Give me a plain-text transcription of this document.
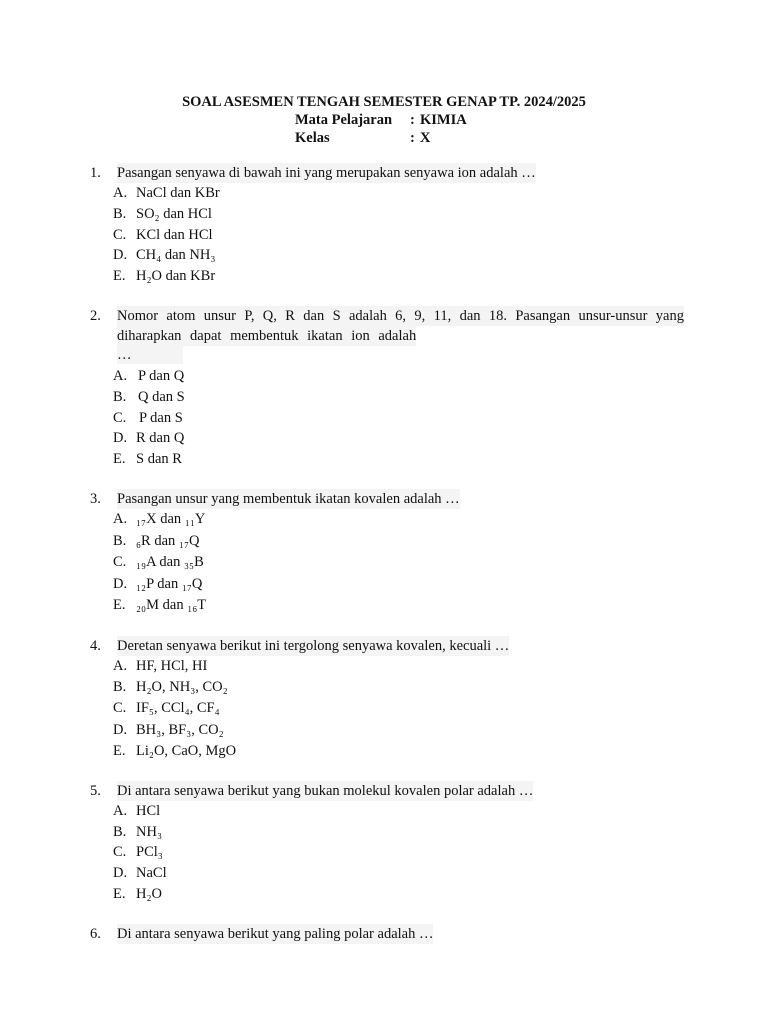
SOAL ASESMEN TENGAH SEMESTER GENAP TP. 2024/2025
Mata Pelajaran : KIMIA
Kelas	: X
1. Pasangan senyawa di bawah ini yang merupakan senyawa ion adalah …
A. NaCl dan KBr
B. SO₂ dan HCl
C. KCl dan HCl
D. CH₄ dan NH₃
E. H₂O dan KBr
2. Nomor atom unsur P, Q, R dan S adalah 6, 9, 11, dan 18. Pasangan unsur-unsur yang
diharapkan dapat membentuk ikatan ion adalah
…
A. P dan Q
B. Q dan S
C. P dan S
D. R dan Q
E. S dan R
3. Pasangan unsur yang membentuk ikatan kovalen adalah …
A. ₁₇X dan ₁₁Y
B. ₆R dan ₁₇Q
C. ₁₉A dan ₃₅B
D. ₁₂P dan ₁₇Q
E. ₂₀M dan ₁₆T
4. Deretan senyawa berikut ini tergolong senyawa kovalen, kecuali …
A. HF, HCl, HI
B. H₂O, NH₃, CO₂
C. IF₅, CCl₄, CF₄
D. BH₃, BF₃, CO₂
E. Li₂O, CaO, MgO
5. Di antara senyawa berikut yang bukan molekul kovalen polar adalah …
A. HCl
B. NH₃
C. PCl₃
D. NaCl
E. H₂O
6. Di antara senyawa berikut yang paling polar adalah …
